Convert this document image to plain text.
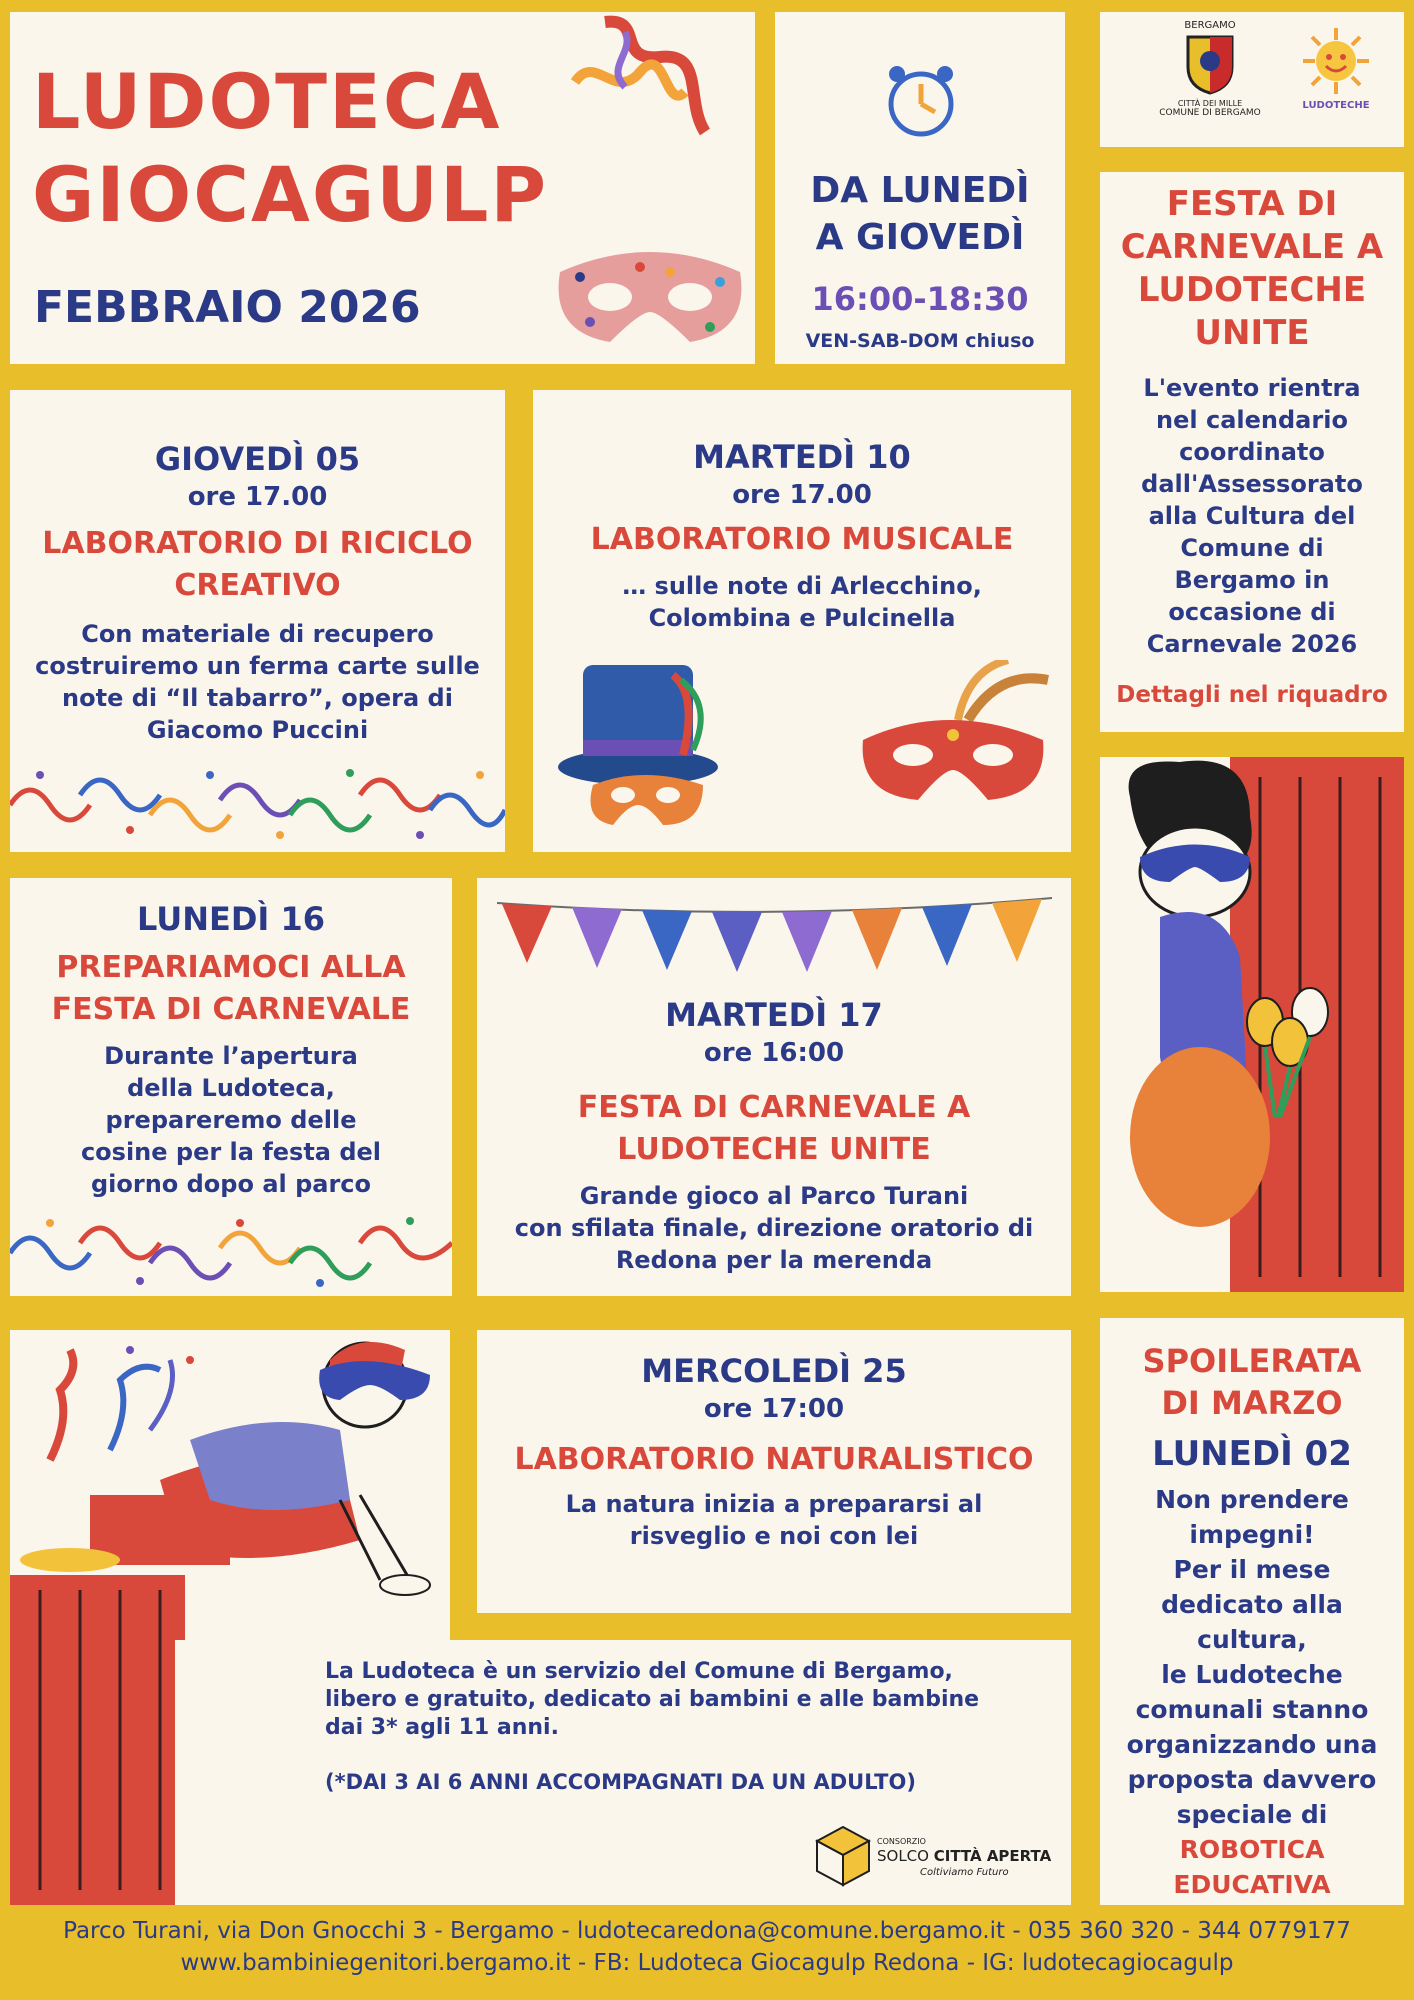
LUDOTECA
GIOCAGULP
FEBBRAIO 2026
DA LUNEDÌ
A GIOVEDÌ
16:00-18:30
VEN-SAB-DOM chiuso
BERGAMO
CITTÀ DEI MILLE
COMUNE DI BERGAMO
LUDOTECHE
FESTA DI
CARNEVALE A
LUDOTECHE
UNITE
L'evento rientra
nel calendario
coordinato
dall'Assessorato
alla Cultura del
Comune di
Bergamo in
occasione di
Carnevale 2026
Dettagli nel riquadro
GIOVEDÌ 05
ore 17.00
LABORATORIO DI RICICLO
CREATIVO
Con materiale di recupero
costruiremo un ferma carte sulle
note di “Il tabarro”, opera di
Giacomo Puccini
MARTEDÌ 10
ore 17.00
LABORATORIO MUSICALE
… sulle note di Arlecchino,
Colombina e Pulcinella
LUNEDÌ 16
PREPARIAMOCI ALLA
FESTA DI CARNEVALE
Durante l’apertura
della Ludoteca,
prepareremo delle
cosine per la festa del
giorno dopo al parco
MARTEDÌ 17
ore 16:00
FESTA DI CARNEVALE A
LUDOTECHE UNITE
Grande gioco al Parco Turani
con sfilata finale, direzione oratorio di
Redona per la merenda
MERCOLEDÌ 25
ore 17:00
LABORATORIO NATURALISTICO
La natura inizia a prepararsi al
risveglio e noi con lei
La Ludoteca è un servizio del Comune di Bergamo,
libero e gratuito, dedicato ai bambini e alle bambine
dai 3* agli 11 anni.
(*DAI 3 AI 6 ANNI ACCOMPAGNATI DA UN ADULTO)
CONSORZIO
SOLCO CITTÀ APERTA
Coltiviamo Futuro
SPOILERATA
DI MARZO
LUNEDÌ 02
Non prendere
impegni!
Per il mese
dedicato alla
cultura,
le Ludoteche
comunali stanno
organizzando una
proposta davvero
speciale di
ROBOTICA
EDUCATIVA
Parco Turani, via Don Gnocchi 3 - Bergamo - ludotecaredona@comune.bergamo.it - 035 360 320 - 344 0779177
www.bambiniegenitori.bergamo.it - FB: Ludoteca Giocagulp Redona - IG: ludotecagiocagulp
